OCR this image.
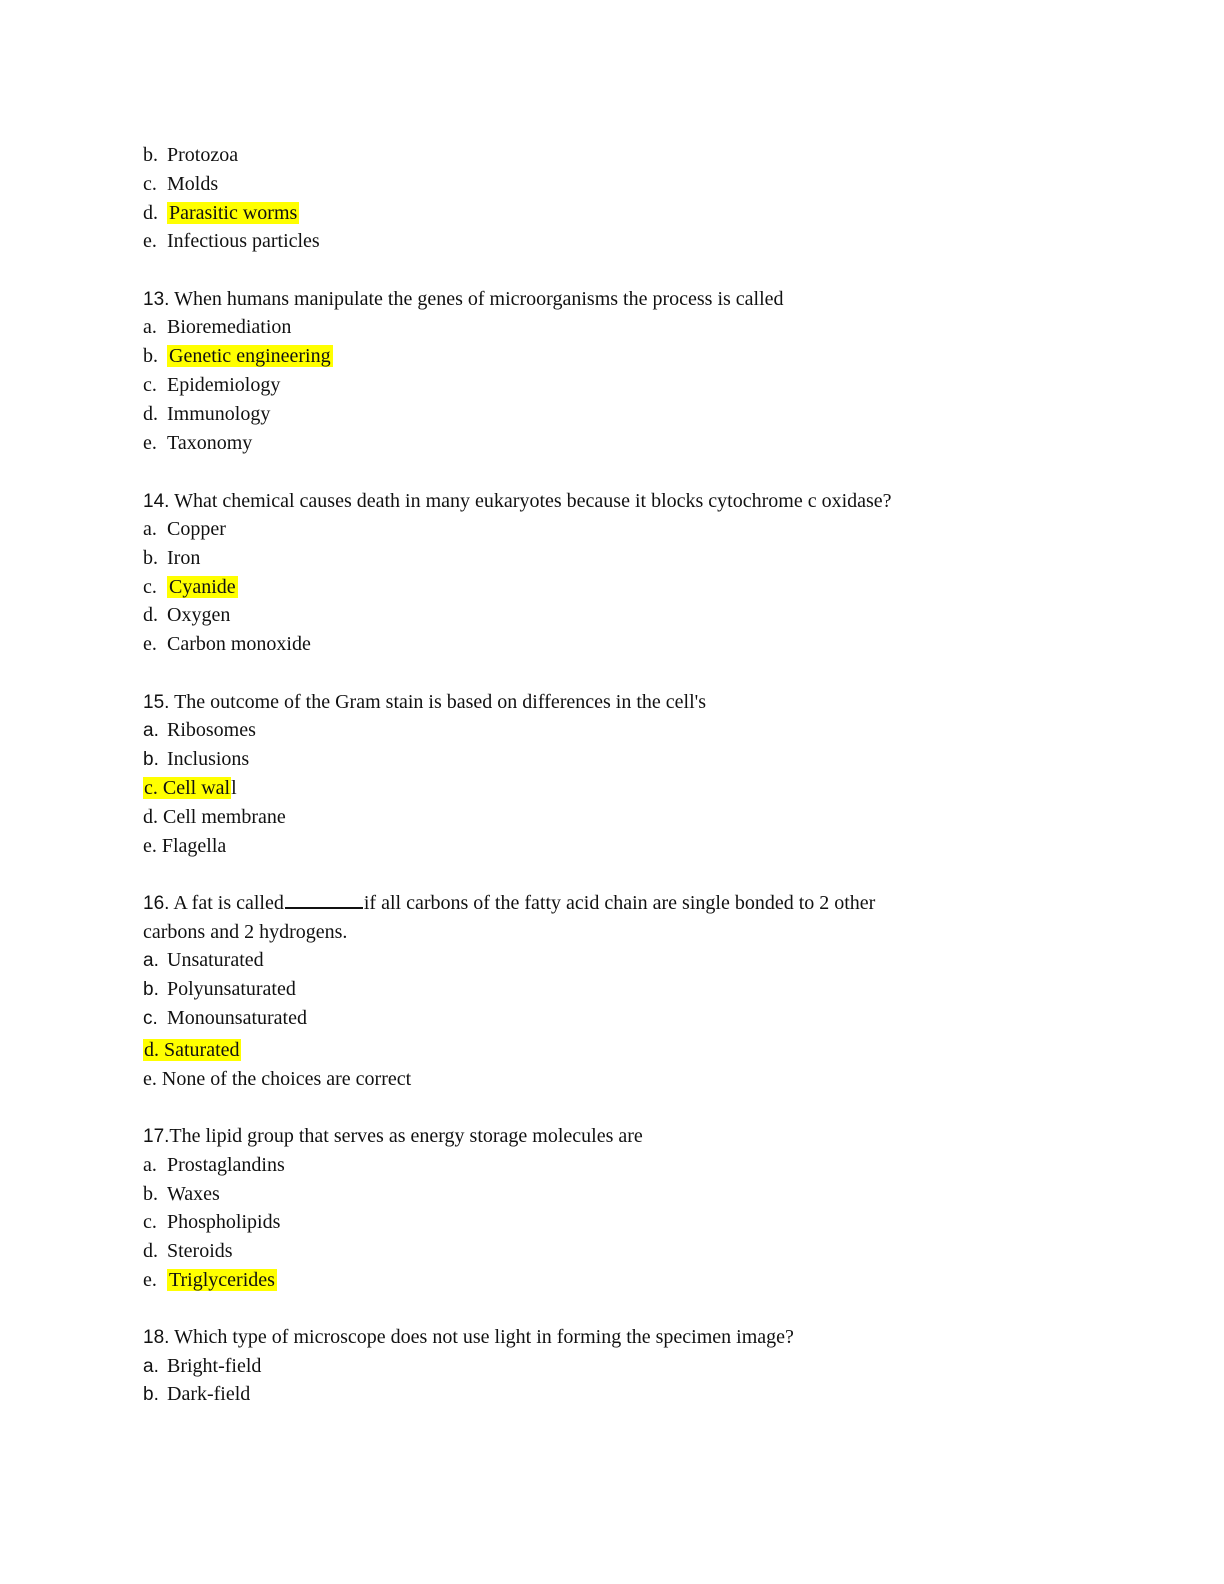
b. Protozoa
c. Molds
d. Parasitic worms
e. Infectious particles
13. When humans manipulate the genes of microorganisms the process is called
a. Bioremediation
b. Genetic engineering
c. Epidemiology
d. Immunology
e. Taxonomy
14. What chemical causes death in many eukaryotes because it blocks cytochrome c oxidase?
a. Copper
b. Iron
c. Cyanide
d. Oxygen
e. Carbon monoxide
15. The outcome of the Gram stain is based on differences in the cell's
a. Ribosomes
b. Inclusions
c. Cell wall
d. Cell membrane
e. Flagella
16. A fat is called	if all carbons of the fatty acid chain are single bonded to 2 other
carbons and 2 hydrogens.
a. Unsaturated
b. Polyunsaturated
c. Monounsaturated
d. Saturated
e. None of the choices are correct
17.The lipid group that serves as energy storage molecules are
a. Prostaglandins
b. Waxes
c. Phospholipids
d. Steroids
e. Triglycerides
18. Which type of microscope does not use light in forming the specimen image?
a. Bright-field
b. Dark-field
